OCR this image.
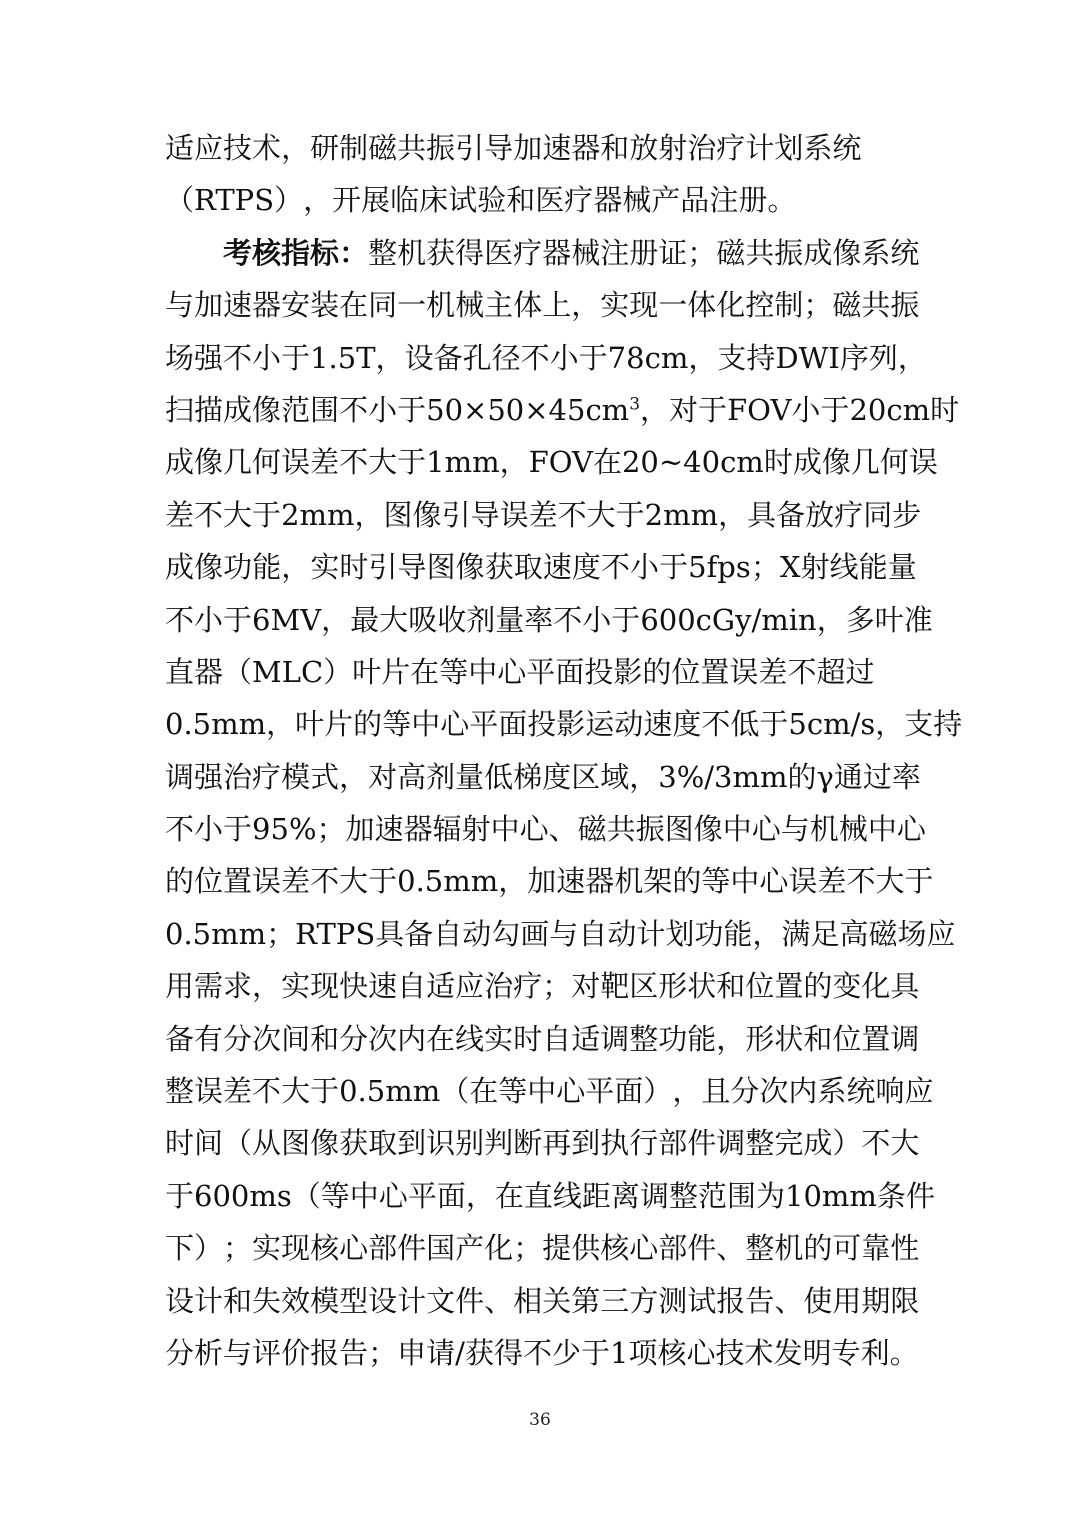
适 应 技 术 ， 研 制 磁 共 振 引 导 加 速 器 和 放 射 治 疗 计 划 系 统
（ RTPS ） ， 开 展 临 床 试 验 和 医 疗 器 械 产 品 注 册 。
考 核 指 标 ： 整 机 获 得 医 疗 器 械 注 册 证 ； 磁 共 振 成 像 系 统
与 加 速 器 安 装 在 同 一 机 械 主 体 上 ， 实 现 一 体 化 控 制 ； 磁 共 振
场 强 不 小 于 1.5T ， 设 备 孔 径 不 小 于 78cm ， 支 持 DWI 序 列 ，
扫 描 成 像 范 围 不 小 于 50×50×45cm $^3$ ， 对 于 FOV 小 于 20cm 时
成 像 几 何 误 差 不 大 于 1mm ， FOV 在 20~40cm 时 成 像 几 何 误
差 不 大 于 2mm ， 图 像 引 导 误 差 不 大 于 2mm ， 具 备 放 疗 同 步
成 像 功 能 ， 实 时 引 导 图 像 获 取 速 度 不 小 于 5fps ； X 射 线 能 量
不 小 于 6MV ， 最 大 吸 收 剂 量 率 不 小 于 600cGy/min ， 多 叶 准
直 器 （ MLC ） 叶 片 在 等 中 心 平 面 投 影 的 位 置 误 差 不 超 过
0.5mm ， 叶 片 的 等 中 心 平 面 投 影 运 动 速 度 不 低 于 5cm/s ， 支 持
调 强 治 疗 模 式 ， 对 高 剂 量 低 梯 度 区 域 ， 3%/3mm 的 γ 通 过 率
不 小 于 95% ； 加 速 器 辐 射 中 心 、 磁 共 振 图 像 中 心 与 机 械 中 心
的 位 置 误 差 不 大 于 0.5mm ， 加 速 器 机 架 的 等 中 心 误 差 不 大 于
0.5mm ； RTPS 具 备 自 动 勾 画 与 自 动 计 划 功 能 ， 满 足 高 磁 场 应
用 需 求 ， 实 现 快 速 自 适 应 治 疗 ； 对 靶 区 形 状 和 位 置 的 变 化 具
备 有 分 次 间 和 分 次 内 在 线 实 时 自 适 调 整 功 能 ， 形 状 和 位 置 调
整 误 差 不 大 于 0.5mm （ 在 等 中 心 平 面 ） ， 且 分 次 内 系 统 响 应
时 间 （ 从 图 像 获 取 到 识 别 判 断 再 到 执 行 部 件 调 整 完 成 ） 不 大
于 600ms （ 等 中 心 平 面 ， 在 直 线 距 离 调 整 范 围 为 10mm 条 件
下 ） ； 实 现 核 心 部 件 国 产 化 ； 提 供 核 心 部 件 、 整 机 的 可 靠 性
设 计 和 失 效 模 型 设 计 文 件 、 相 关 第 三 方 测 试 报 告 、 使 用 期 限
分 析 与 评 价 报 告 ； 申 请 / 获 得 不 少 于 1 项 核 心 技 术 发 明 专 利 。
36
